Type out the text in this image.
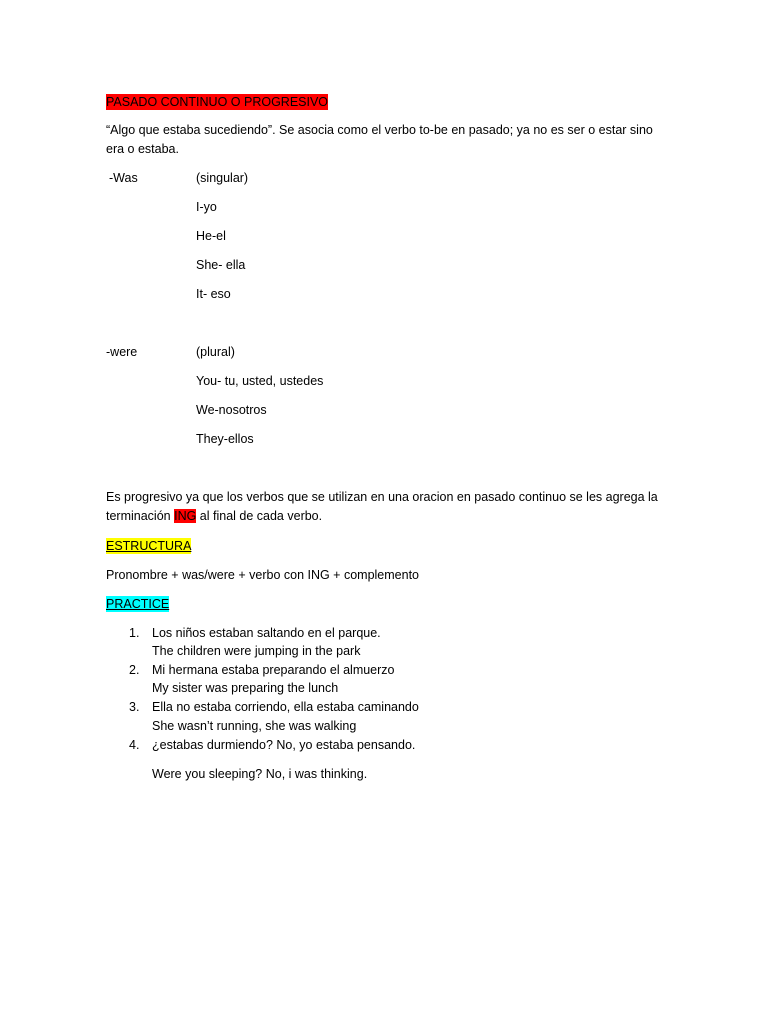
PASADO CONTINUO O PROGRESIVO
“Algo que estaba sucediendo”. Se asocia como el verbo to-be en pasado; ya no es ser o estar sino
era o estaba.
-Was	(singular)
I-yo
He-el
She- ella
It- eso
-were	(plural)
You- tu, usted, ustedes
We-nosotros
They-ellos
Es progresivo ya que los verbos que se utilizan en una oracion en pasado continuo se les agrega la
terminación ING al final de cada verbo.
ESTRUCTURA
Pronombre + was/were + verbo con ING + complemento
PRACTICE
1. Los niños estaban saltando en el parque.
The children were jumping in the park
2. Mi hermana estaba preparando el almuerzo
My sister was preparing the lunch
3. Ella no estaba corriendo, ella estaba caminando
She wasn’t running, she was walking
4. ¿estabas durmiendo? No, yo estaba pensando.
Were you sleeping? No, i was thinking.
